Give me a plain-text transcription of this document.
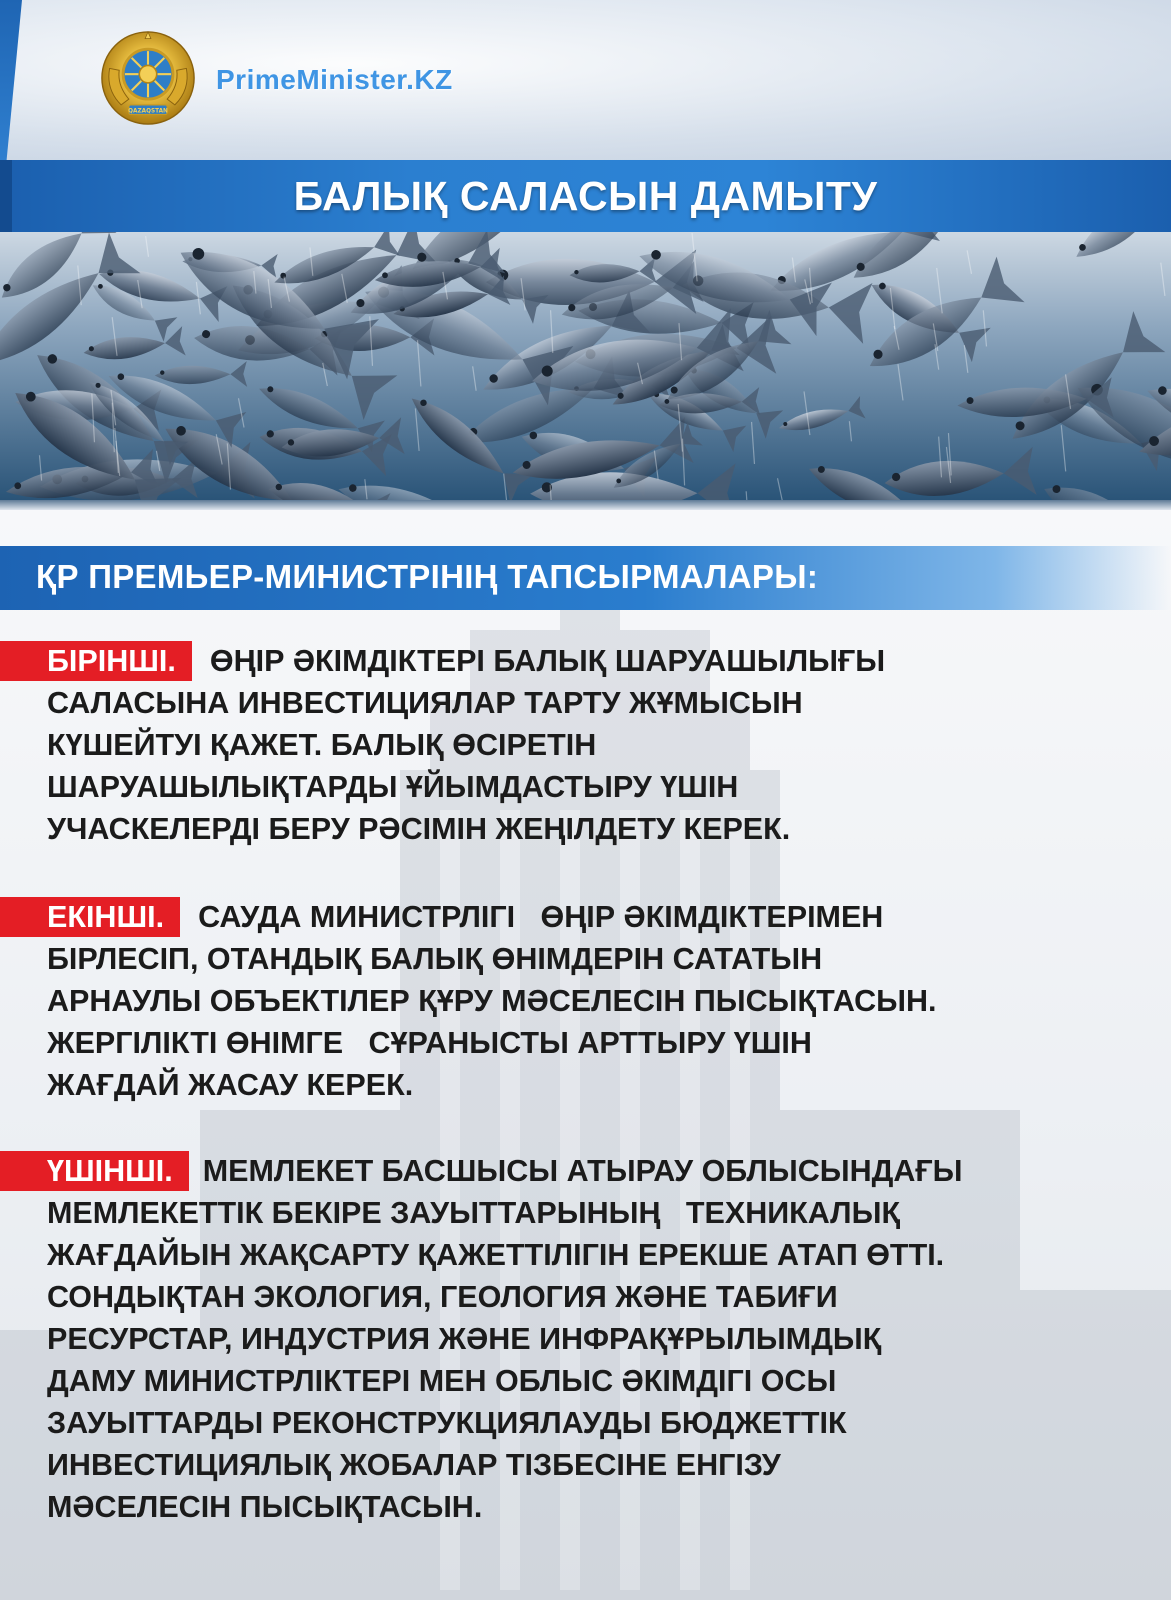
QAZAQSTAN
PrimeMinister.KZ
БАЛЫҚ САЛАСЫН ДАМЫТУ
ҚР ПРЕМЬЕР-МИНИСТРІНІҢ ТАПСЫРМАЛАРЫ:
БІРІНШІ. ӨҢІР ӘКІМДІКТЕРІ БАЛЫҚ ШАРУАШЫЛЫҒЫ
САЛАСЫНА ИНВЕСТИЦИЯЛАР ТАРТУ ЖҰМЫСЫН
КҮШЕЙТУІ ҚАЖЕТ. БАЛЫҚ ӨСІРЕТІН
ШАРУАШЫЛЫҚТАРДЫ ҰЙЫМДАСТЫРУ ҮШІН
УЧАСКЕЛЕРДІ БЕРУ РӘСІМІН ЖЕҢІЛДЕТУ КЕРЕК.
ЕКІНШІ. САУДА МИНИСТРЛІГІ   ӨҢІР ӘКІМДІКТЕРІМЕН
БІРЛЕСІП, ОТАНДЫҚ БАЛЫҚ ӨНІМДЕРІН САТАТЫН
АРНАУЛЫ ОБЪЕКТІЛЕР ҚҰРУ МӘСЕЛЕСІН ПЫСЫҚТАСЫН.
ЖЕРГІЛІКТІ ӨНІМГЕ   СҰРАНЫСТЫ АРТТЫРУ ҮШІН
ЖАҒДАЙ ЖАСАУ КЕРЕК.
ҮШІНШІ. МЕМЛЕКЕТ БАСШЫСЫ АТЫРАУ ОБЛЫСЫНДАҒЫ
МЕМЛЕКЕТТІК БЕКІРЕ ЗАУЫТТАРЫНЫҢ   ТЕХНИКАЛЫҚ
ЖАҒДАЙЫН ЖАҚСАРТУ ҚАЖЕТТІЛІГІН ЕРЕКШЕ АТАП ӨТТІ.
СОНДЫҚТАН ЭКОЛОГИЯ, ГЕОЛОГИЯ ЖӘНЕ ТАБИҒИ
РЕСУРСТАР, ИНДУСТРИЯ ЖӘНЕ ИНФРАҚҰРЫЛЫМДЫҚ
ДАМУ МИНИСТРЛІКТЕРІ МЕН ОБЛЫС ӘКІМДІГІ ОСЫ
ЗАУЫТТАРДЫ РЕКОНСТРУКЦИЯЛАУДЫ БЮДЖЕТТІК
ИНВЕСТИЦИЯЛЫҚ ЖОБАЛАР ТІЗБЕСІНЕ ЕНГІЗУ
МӘСЕЛЕСІН ПЫСЫҚТАСЫН.
